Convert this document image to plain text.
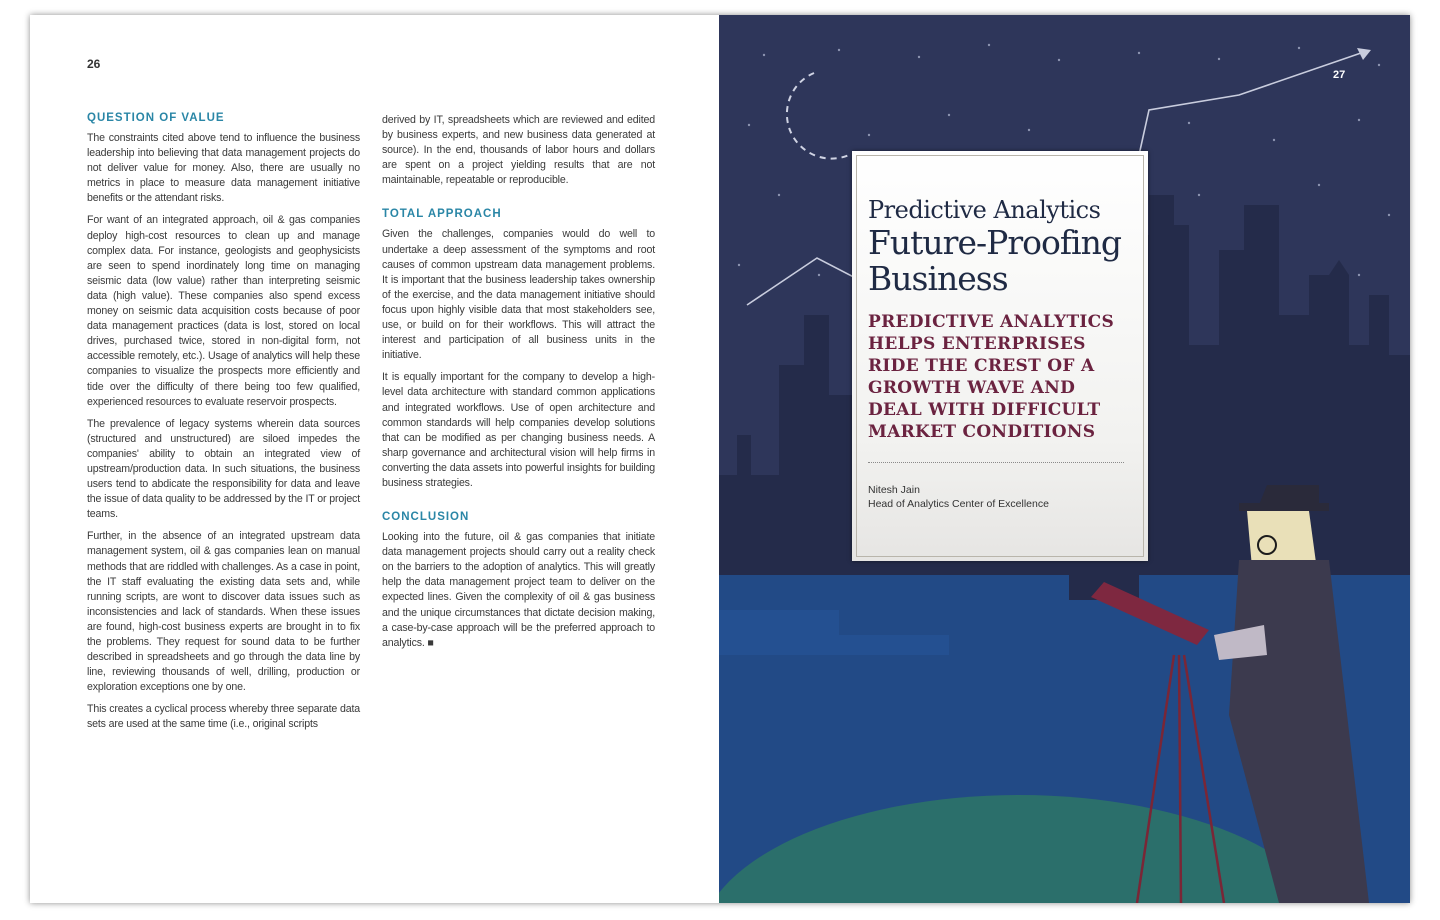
26
QUESTION OF VALUE

The constraints cited above tend to influence the business leadership into believing that data management projects do not deliver value for money. Also, there are usually no metrics in place to measure data management initiative benefits or the attendant risks.

For want of an integrated approach, oil & gas companies deploy high-cost resources to clean up and manage complex data. For instance, geologists and geophysicists are seen to spend inordinately long time on managing seismic data (low value) rather than interpreting seismic data (high value). These companies also spend excess money on seismic data acquisition costs because of poor data management practices (data is lost, stored on local drives, purchased twice, stored in non-digital form, not accessible remotely, etc.). Usage of analytics will help these companies to visualize the prospects more efficiently and tide over the difficulty of there being too few qualified, experienced resources to evaluate reservoir prospects.

The prevalence of legacy systems wherein data sources (structured and unstructured) are siloed impedes the companies' ability to obtain an integrated view of upstream/production data. In such situations, the business users tend to abdicate the responsibility for data and leave the issue of data quality to be addressed by the IT or project teams.

Further, in the absence of an integrated upstream data management system, oil & gas companies lean on manual methods that are riddled with challenges. As a case in point, the IT staff evaluating the existing data sets and, while running scripts, are wont to discover data issues such as inconsistencies and lack of standards. When these issues are found, high-cost business experts are brought in to fix the problems. They request for sound data to be further described in spreadsheets and go through the data line by line, reviewing thousands of well, drilling, production or exploration exceptions one by one.

This creates a cyclical process whereby three separate data sets are used at the same time (i.e., original scripts

derived by IT, spreadsheets which are reviewed and edited by business experts, and new business data generated at source). In the end, thousands of labor hours and dollars are spent on a project yielding results that are not maintainable, repeatable or reproducible.

TOTAL APPROACH

Given the challenges, companies would do well to undertake a deep assessment of the symptoms and root causes of common upstream data management problems. It is important that the business leadership takes ownership of the exercise, and the data management initiative should focus upon highly visible data that most stakeholders see, use, or build on for their workflows. This will attract the interest and participation of all business units in the initiative.

It is equally important for the company to develop a high-level data architecture with standard common applications and integrated workflows. Use of open architecture and common standards will help companies develop solutions that can be modified as per changing business needs. A sharp governance and architectural vision will help firms in converting the data assets into powerful insights for building business strategies.

CONCLUSION

Looking into the future, oil & gas companies that initiate data management projects should carry out a reality check on the barriers to the adoption of analytics. This will greatly help the data management project team to deliver on the expected lines. Given the complexity of oil & gas business and the unique circumstances that dictate decision making, a case-by-case approach will be the preferred approach to analytics. ■

27
Predictive Analytics
Future-Proofing Business
PREDICTIVE ANALYTICS HELPS ENTERPRISES RIDE THE CREST OF A GROWTH WAVE AND DEAL WITH DIFFICULT MARKET CONDITIONS
Nitesh Jain
Head of Analytics Center of Excellence
